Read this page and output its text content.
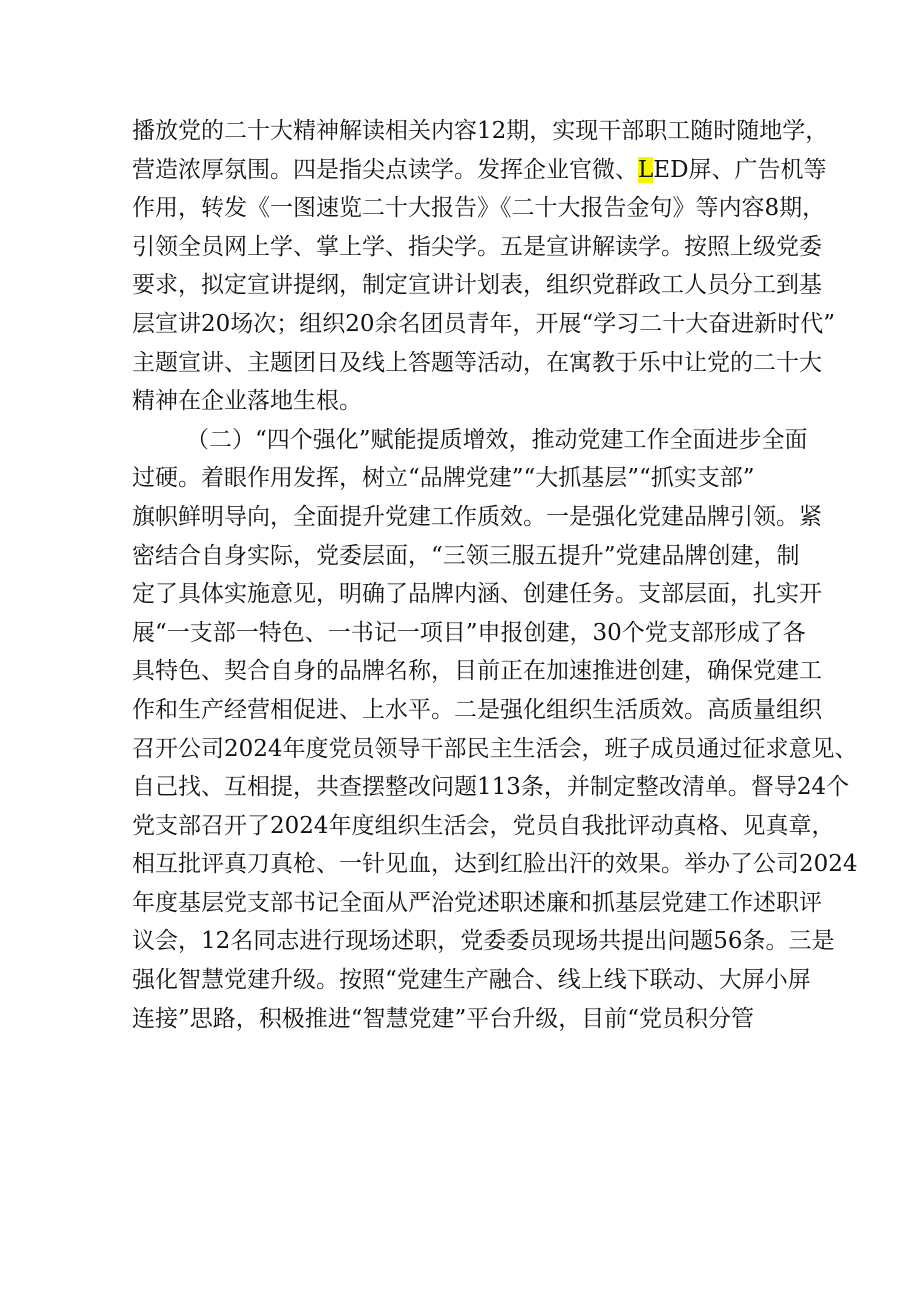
播放党的二十大精神解读相关内容12期，实现干部职工随时随地学，
营造浓厚氛围。四是指尖点读学。发挥企业官微、LED屏、广告机等
作用，转发《一图速览二十大报告》《二十大报告金句》等内容8期，
引领全员网上学、掌上学、指尖学。五是宣讲解读学。按照上级党委
要求，拟定宣讲提纲，制定宣讲计划表，组织党群政工人员分工到基
层宣讲20场次；组织20余名团员青年，开展“学习二十大奋进新时代”
主题宣讲、主题团日及线上答题等活动，在寓教于乐中让党的二十大
精神在企业落地生根。
（二）“四个强化”赋能提质增效，推动党建工作全面进步全面
过硬。着眼作用发挥，树立“品牌党建”“大抓基层”“抓实支部”
旗帜鲜明导向，全面提升党建工作质效。一是强化党建品牌引领。紧
密结合自身实际，党委层面，“三领三服五提升”党建品牌创建，制
定了具体实施意见，明确了品牌内涵、创建任务。支部层面，扎实开
展“一支部一特色、一书记一项目”申报创建，30个党支部形成了各
具特色、契合自身的品牌名称，目前正在加速推进创建，确保党建工
作和生产经营相促进、上水平。二是强化组织生活质效。高质量组织
召开公司2024年度党员领导干部民主生活会，班子成员通过征求意见、
自己找、互相提，共查摆整改问题113条，并制定整改清单。督导24个
党支部召开了2024年度组织生活会，党员自我批评动真格、见真章，
相互批评真刀真枪、一针见血，达到红脸出汗的效果。举办了公司2024
年度基层党支部书记全面从严治党述职述廉和抓基层党建工作述职评
议会，12名同志进行现场述职，党委委员现场共提出问题56条。三是
强化智慧党建升级。按照“党建生产融合、线上线下联动、大屏小屏
连接”思路，积极推进“智慧党建”平台升级，目前“党员积分管
